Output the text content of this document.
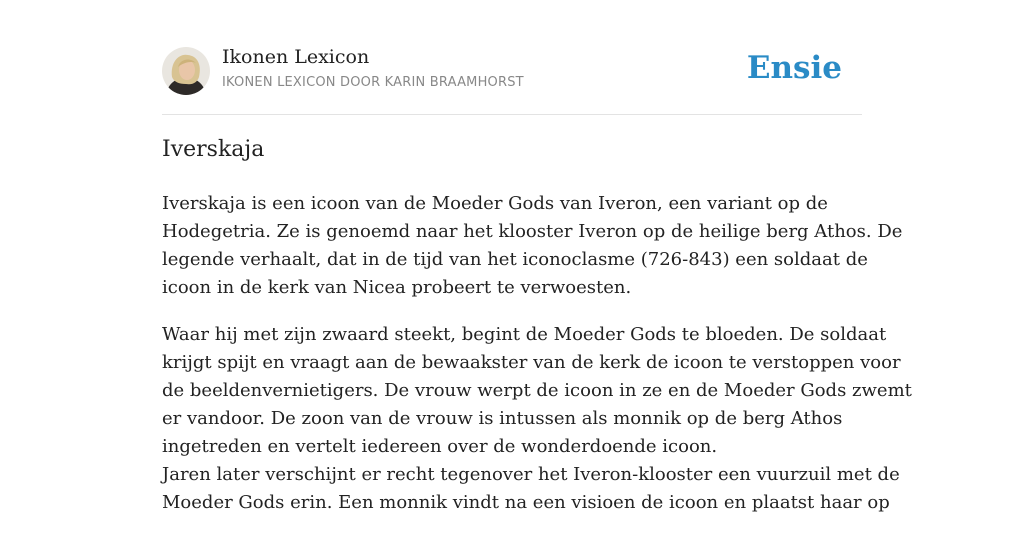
Ikonen Lexicon
IKONEN LEXICON DOOR KARIN BRAAMHORST	Ensie
Iverskaja

Iverskaja is een icoon van de Moeder Gods van Iveron, een variant op de
Hodegetria. Ze is genoemd naar het klooster Iveron op de heilige berg Athos. De
legende verhaalt, dat in de tijd van het iconoclasme (726-843) een soldaat de
icoon in de kerk van Nicea probeert te verwoesten.

Waar hij met zijn zwaard steekt, begint de Moeder Gods te bloeden. De soldaat
krijgt spijt en vraagt aan de bewaakster van de kerk de icoon te verstoppen voor
de beeldenvernietigers. De vrouw werpt de icoon in ze en de Moeder Gods zwemt
er vandoor. De zoon van de vrouw is intussen als monnik op de berg Athos
ingetreden en vertelt iedereen over de wonderdoende icoon.
Jaren later verschijnt er recht tegenover het Iveron-klooster een vuurzuil met de
Moeder Gods erin. Een monnik vindt na een visioen de icoon en plaatst haar op
